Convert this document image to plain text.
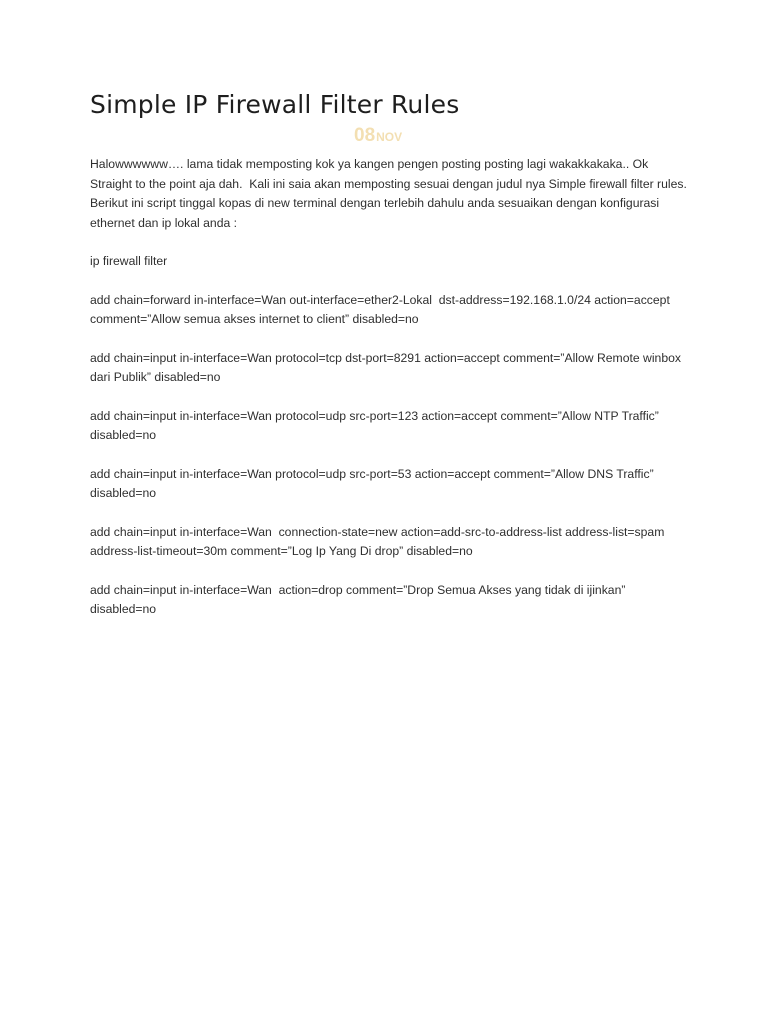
Simple IP Firewall Filter Rules
08NOV

Halowwwwww…. lama tidak memposting kok ya kangen pengen posting posting lagi wakakkakaka.. Ok Straight to the point aja dah.  Kali ini saia akan memposting sesuai dengan judul nya Simple firewall filter rules. Berikut ini script tinggal kopas di new terminal dengan terlebih dahulu anda sesuaikan dengan konfigurasi ethernet dan ip lokal anda :

ip firewall filter

add chain=forward in-interface=Wan out-interface=ether2-Lokal  dst-address=192.168.1.0/24 action=accept comment=”Allow semua akses internet to client” disabled=no

add chain=input in-interface=Wan protocol=tcp dst-port=8291 action=accept comment=”Allow Remote winbox dari Publik” disabled=no

add chain=input in-interface=Wan protocol=udp src-port=123 action=accept comment=”Allow NTP Traffic” disabled=no

add chain=input in-interface=Wan protocol=udp src-port=53 action=accept comment=”Allow DNS Traffic” disabled=no

add chain=input in-interface=Wan  connection-state=new action=add-src-to-address-list address-list=spam address-list-timeout=30m comment=”Log Ip Yang Di drop” disabled=no

add chain=input in-interface=Wan  action=drop comment=”Drop Semua Akses yang tidak di ijinkan” disabled=no
